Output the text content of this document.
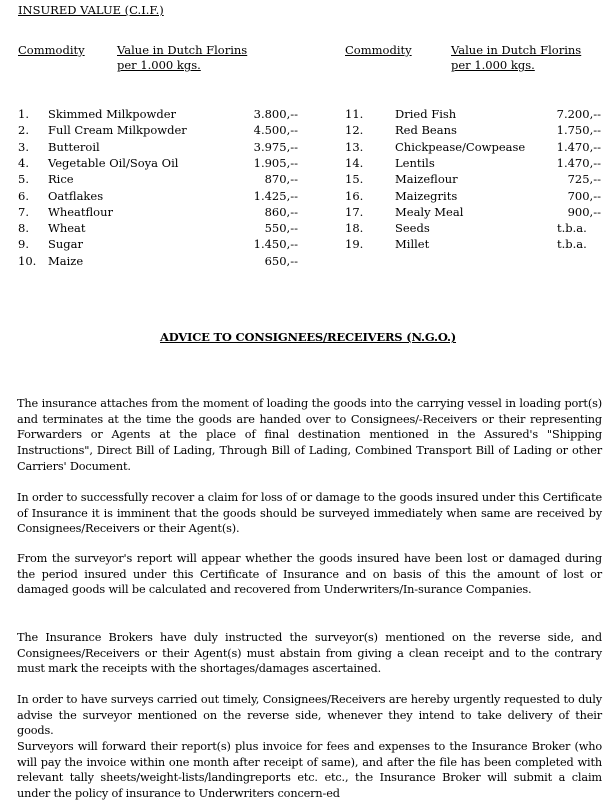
INSURED VALUE (C.I.F.)
Commodity	Value in Dutch Florins
per 1.000 kgs.
Commodity	Value in Dutch Florins
per 1.000 kgs.
1. Skimmed Milkpowder	3.800,--
2. Full Cream Milkpowder	4.500,--
3. Butteroil	3.975,--
4. Vegetable Oil/Soya Oil	1.905,--
5. Rice	870,--
6. Oatflakes	1.425,--
7. Wheatflour	860,--
8. Wheat	550,--
9. Sugar	1.450,--
10. Maize	650,--
11.	Dried Fish	7.200,--
12.	Red Beans	1.750,--
13.	Chickpease/Cowpease	1.470,--
14.	Lentils	1.470,--
15.	Maizeflour	725,--
16.	Maizegrits	700,--
17.	Mealy Meal	900,--
18.	Seeds	t.b.a.
19.	Millet	t.b.a.
ADVICE TO CONSIGNEES/RECEIVERS (N.G.O.)
The insurance attaches from the moment of loading the goods into the carrying vessel in loading port(s) and terminates at the time the goods are handed over to Consignees/-Receivers or their representing Forwarders or Agents at the place of final destination mentioned in the Assured's "Shipping Instructions", Direct Bill of Lading, Through Bill of Lading, Combined Transport Bill of Lading or other Carriers' Document.
In order to successfully recover a claim for loss of or damage to the goods insured under this Certificate of Insurance it is imminent that the goods should be surveyed immediately when same are received by Consignees/Receivers or their Agent(s).
From the surveyor's report will appear whether the goods insured have been lost or damaged during the period insured under this Certificate of Insurance and on basis of this the amount of lost or damaged goods will be calculated and recovered from Underwriters/In-surance Companies.
The Insurance Brokers have duly instructed the surveyor(s) mentioned on the reverse side, and Consignees/Receivers or their Agent(s) must abstain from giving a clean receipt and to the contrary must mark the receipts with the shortages/damages ascertained.
In order to have surveys carried out timely, Consignees/Receivers are hereby urgently requested to duly advise the surveyor mentioned on the reverse side, whenever they intend to take delivery of their goods.
Surveyors will forward their report(s) plus invoice for fees and expenses to the Insurance Broker (who will pay the invoice within one month after receipt of same), and after the file has been completed with relevant tally sheets/weight-lists/landingreports etc. etc., the Insurance Broker will submit a claim under the policy of insurance to Underwriters concern-ed
